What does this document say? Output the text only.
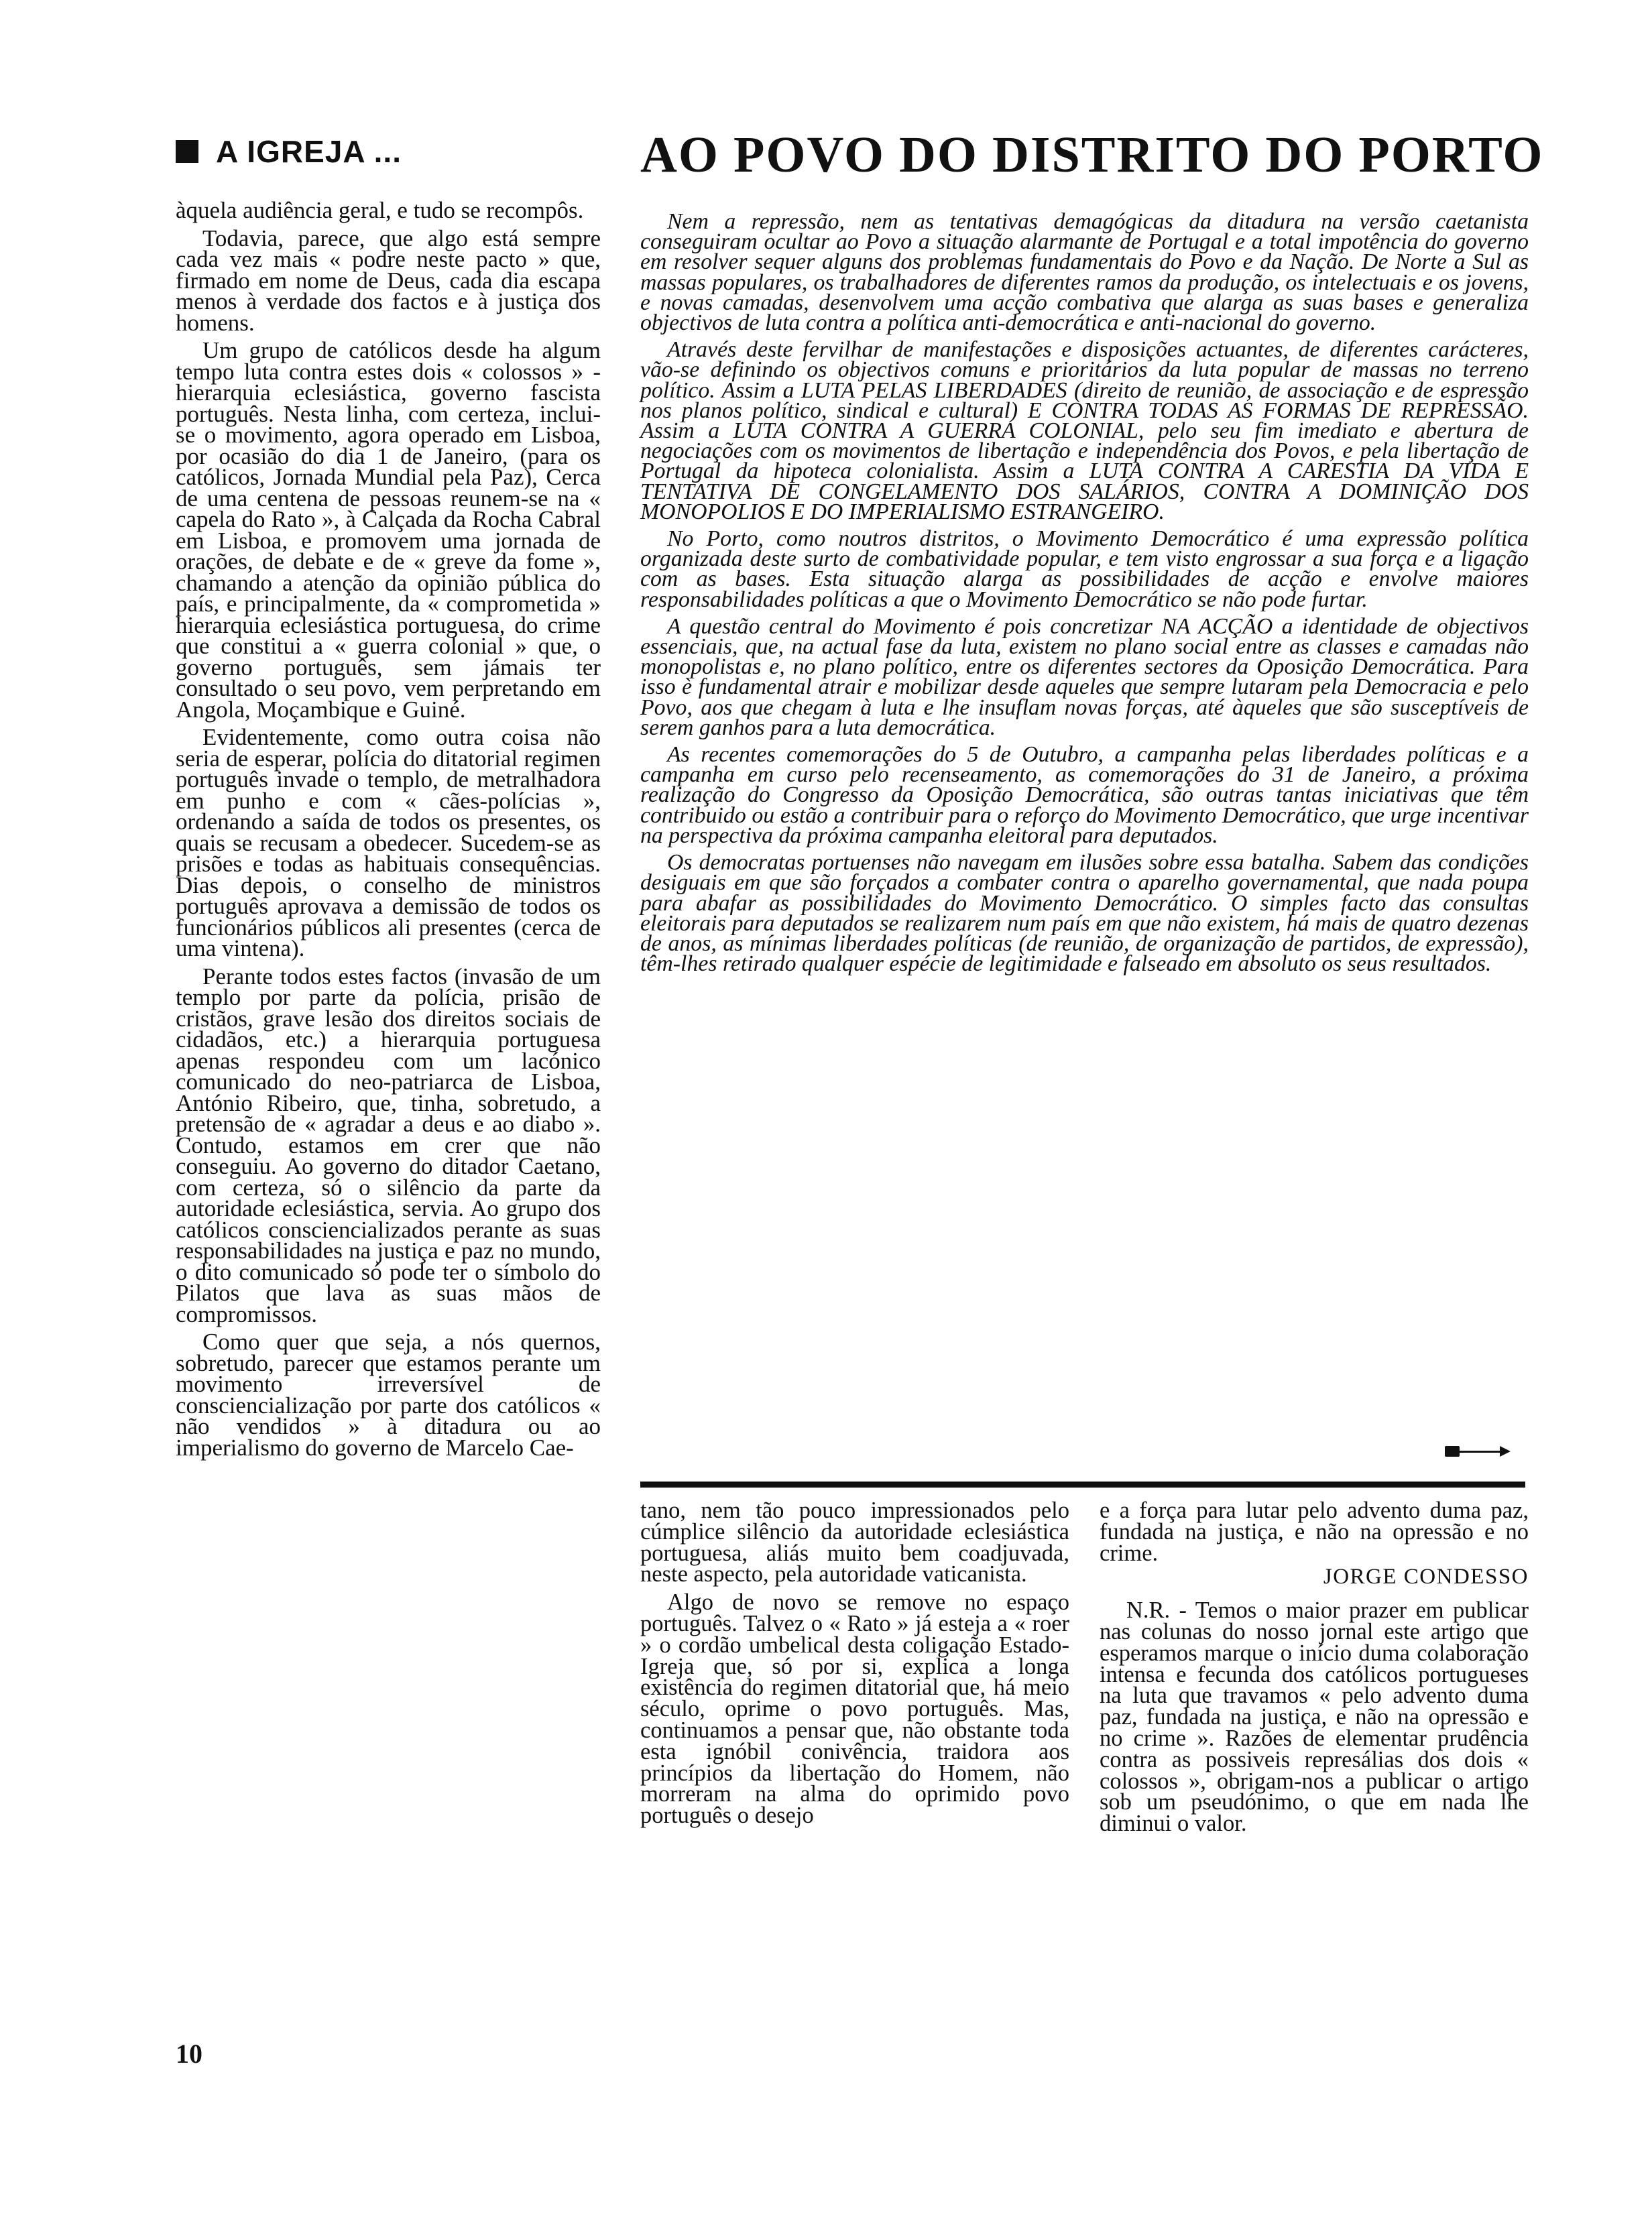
A IGREJA ...	AO POVO DO DISTRITO DO PORTO

àquela audiência geral, e tudo se recompôs.

Todavia, parece, que algo está sempre cada vez mais « podre neste pacto » que, firmado em nome de Deus, cada dia escapa menos à verdade dos factos e à justiça dos homens.

Um grupo de católicos desde ha algum tempo luta contra estes dois « colossos » - hierarquia eclesiástica, governo fascista português. Nesta linha, com certeza, inclui-se o movimento, agora operado em Lisboa, por ocasião do dia 1 de Janeiro, (para os católicos, Jornada Mundial pela Paz), Cerca de uma centena de pessoas reunem-se na « capela do Rato », à Calçada da Rocha Cabral em Lisboa, e promovem uma jornada de orações, de debate e de « greve da fome », chamando a atenção da opinião pública do país, e principalmente, da « comprometida » hierarquia eclesiástica portuguesa, do crime que constitui a « guerra colonial » que, o governo português, sem jámais ter consultado o seu povo, vem perpretando em Angola, Moçambique e Guiné.

Evidentemente, como outra coisa não seria de esperar, polícia do ditatorial regimen português invade o templo, de metralhadora em punho e com « cães-polícias », ordenando a saída de todos os presentes, os quais se recusam a obedecer. Sucedem-se as prisões e todas as habituais consequências. Dias depois, o conselho de ministros português aprovava a demissão de todos os funcionários públicos ali presentes (cerca de uma vintena).

Perante todos estes factos (invasão de um templo por parte da polícia, prisão de cristãos, grave lesão dos direitos sociais de cidadãos, etc.) a hierarquia portuguesa apenas respondeu com um lacónico comunicado do neo-patriarca de Lisboa, António Ribeiro, que, tinha, sobretudo, a pretensão de « agradar a deus e ao diabo ». Contudo, estamos em crer que não conseguiu. Ao governo do ditador Caetano, com certeza, só o silêncio da parte da autoridade eclesiástica, servia. Ao grupo dos católicos consciencializados perante as suas responsabilidades na justiça e paz no mundo, o dito comunicado só pode ter o símbolo do Pilatos que lava as suas mãos de compromissos.

Como quer que seja, a nós quernos, sobretudo, parecer que estamos perante um movimento irreversível de consciencialização por parte dos católicos « não vendidos » à ditadura ou ao imperialismo do governo de Marcelo Cae-

Nem a repressão, nem as tentativas demagógicas da ditadura na versão caetanista conseguiram ocultar ao Povo a situação alarmante de Portugal e a total impotência do governo em resolver sequer alguns dos problemas fundamentais do Povo e da Nação. De Norte a Sul as massas populares, os trabalhadores de diferentes ramos da produção, os intelectuais e os jovens, e novas camadas, desenvolvem uma acção combativa que alarga as suas bases e generaliza objectivos de luta contra a política anti-democrática e anti-nacional do governo.

Através deste fervilhar de manifestações e disposições actuantes, de diferentes carácteres, vão-se definindo os objectivos comuns e prioritários da luta popular de massas no terreno político. Assim a LUTA PELAS LIBERDADES (direito de reunião, de associação e de espressão nos planos político, sindical e cultural) E CONTRA TODAS AS FORMAS DE REPRESSÃO. Assim a LUTA CONTRA A GUERRA COLONIAL, pelo seu fim imediato e abertura de negociações com os movimentos de libertação e independência dos Povos, e pela libertação de Portugal da hipoteca colonialista. Assim a LUTA CONTRA A CARESTIA DA VIDA E TENTATIVA DE CONGELAMENTO DOS SALÁRIOS, CONTRA A DOMINIÇÃO DOS MONOPOLIOS E DO IMPERIALISMO ESTRANGEIRO.

No Porto, como noutros distritos, o Movimento Democrático é uma expressão política organizada deste surto de combatividade popular, e tem visto engrossar a sua força e a ligação com as bases. Esta situação alarga as possibilidades de acção e envolve maiores responsabilidades políticas a que o Movimento Democrático se não pode furtar.

A questão central do Movimento é pois concretizar NA ACÇÃO a identidade de objectivos essenciais, que, na actual fase da luta, existem no plano social entre as classes e camadas não monopolistas e, no plano político, entre os diferentes sectores da Oposição Democrática. Para isso è fundamental atrair e mobilizar desde aqueles que sempre lutaram pela Democracia e pelo Povo, aos que chegam à luta e lhe insuflam novas forças, até àqueles que são susceptíveis de serem ganhos para a luta democrática.

As recentes comemorações do 5 de Outubro, a campanha pelas liberdades políticas e a campanha em curso pelo recenseamento, as comemorações do 31 de Janeiro, a próxima realização do Congresso da Oposição Democrática, são outras tantas iniciativas que têm contribuido ou estão a contribuir para o reforço do Movimento Democrático, que urge incentivar na perspectiva da próxima campanha eleitoral para deputados.

Os democratas portuenses não navegam em ilusões sobre essa batalha. Sabem das condições desiguais em que são forçados a combater contra o aparelho governamental, que nada poupa para abafar as possibilidades do Movimento Democrático. O simples facto das consultas eleitorais para deputados se realizarem num país em que não existem, há mais de quatro dezenas de anos, as mínimas liberdades políticas (de reunião, de organização de partidos, de expressão), têm-lhes retirado qualquer espécie de legitimidade e falseado em absoluto os seus resultados.

tano, nem tão pouco impressionados pelo cúmplice silêncio da autoridade eclesiástica portuguesa, aliás muito bem coadjuvada, neste aspecto, pela autoridade vaticanista.

Algo de novo se remove no espaço português. Talvez o « Rato » já esteja a « roer » o cordão umbelical desta coligação Estado-Igreja que, só por si, explica a longa existência do regimen ditatorial que, há meio século, oprime o povo português. Mas, continuamos a pensar que, não obstante toda esta ignóbil conivência, traidora aos princípios da libertação do Homem, não morreram na alma do oprimido povo português o desejo

e a força para lutar pelo advento duma paz, fundada na justiça, e não na opressão e no crime.

JORGE CONDESSO

N.R. - Temos o maior prazer em publicar nas colunas do nosso jornal este artigo que esperamos marque o início duma colaboração intensa e fecunda dos católicos portugueses na luta que travamos « pelo advento duma paz, fundada na justiça, e não na opressão e no crime ». Razões de elementar prudência contra as possiveis represálias dos dois « colossos », obrigam-nos a publicar o artigo sob um pseudónimo, o que em nada lhe diminui o valor.

10
